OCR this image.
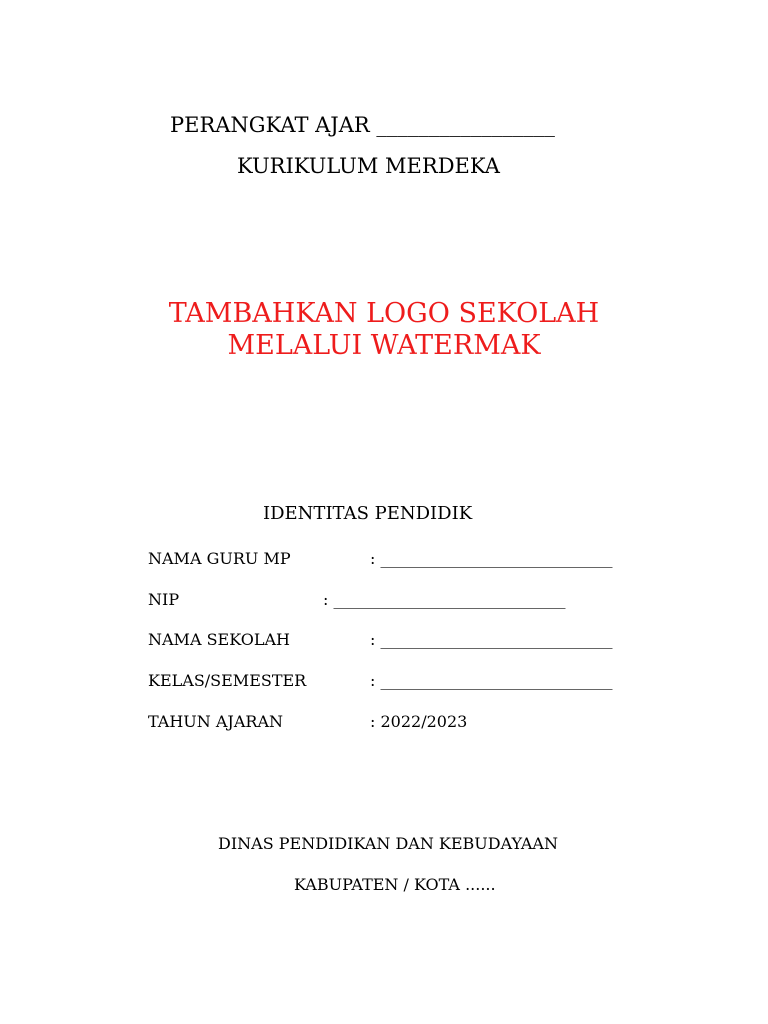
PERANGKAT AJAR _________________
KURIKULUM MERDEKA
TAMBAHKAN LOGO SEKOLAH
MELALUI WATERMAK
IDENTITAS PENDIDIK
NAMA GURU MP	: _____________________________
NIP	: _____________________________
NAMA SEKOLAH	: _____________________________
KELAS/SEMESTER	: _____________________________
TAHUN AJARAN	: 2022/2023
DINAS PENDIDIKAN DAN KEBUDAYAAN
KABUPATEN / KOTA ......
